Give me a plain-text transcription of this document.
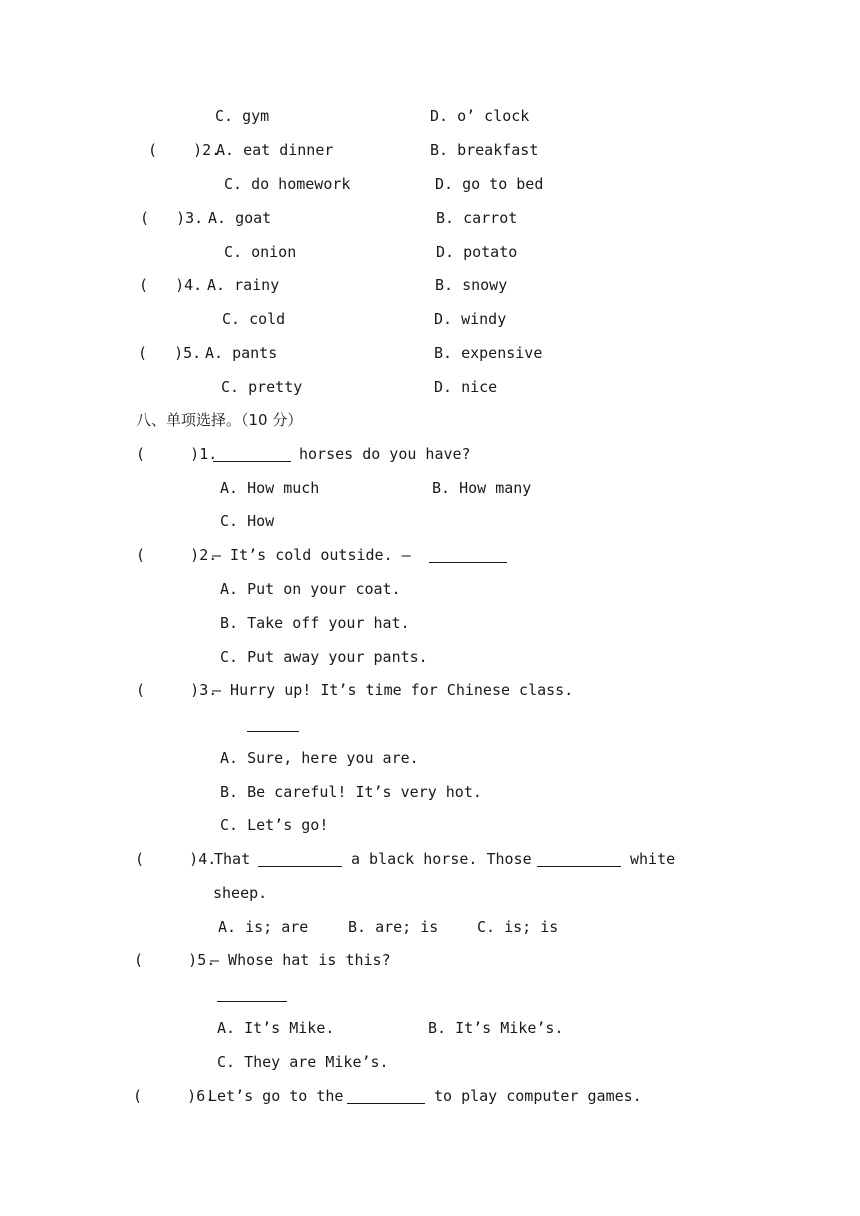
C. gym	D. o’ clock
(    )2.
A. eat dinner	B. breakfast
C. do homework	D. go to bed
(   )3. A. goat	B. carrot
C. onion	D. potato
(   )4. A. rainy	B. snowy
C. cold	D. windy
(   )5. A. pants	B. expensive
C. pretty	D. nice
八、单项选择。（10 分）
(     )1.	horses do you have?
A. How much	B. How many
C. How
(     )2.
— It’s cold outside. —
A. Put on your coat.
B. Take off your hat.
C. Put away your pants.
(     )3.
— Hurry up! It’s time for Chinese class.
A. Sure, here you are.
B. Be careful! It’s very hot.
C. Let’s go!
(     )4.
That	a black horse. Those	white
sheep.
A. is; are	B. are; is	C. is; is
(     )5.
— Whose hat is this?
A. It’s Mike.	B. It’s Mike’s.
C. They are Mike’s.
(     )6.
Let’s go to the	to play computer games.
